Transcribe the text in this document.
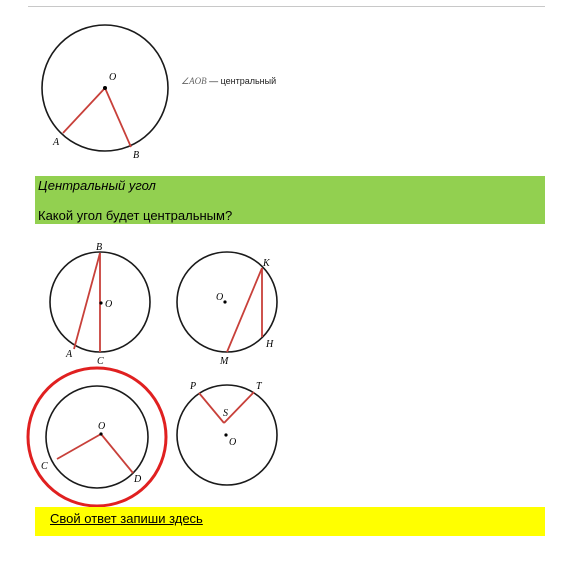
O
A
B
∠AOB — центральный
Центральный угол
Какой угол будет центральным?
B
O
A
C
O
K
M
H
O
C
D
P	T
S
O
Свой ответ запиши здесь
